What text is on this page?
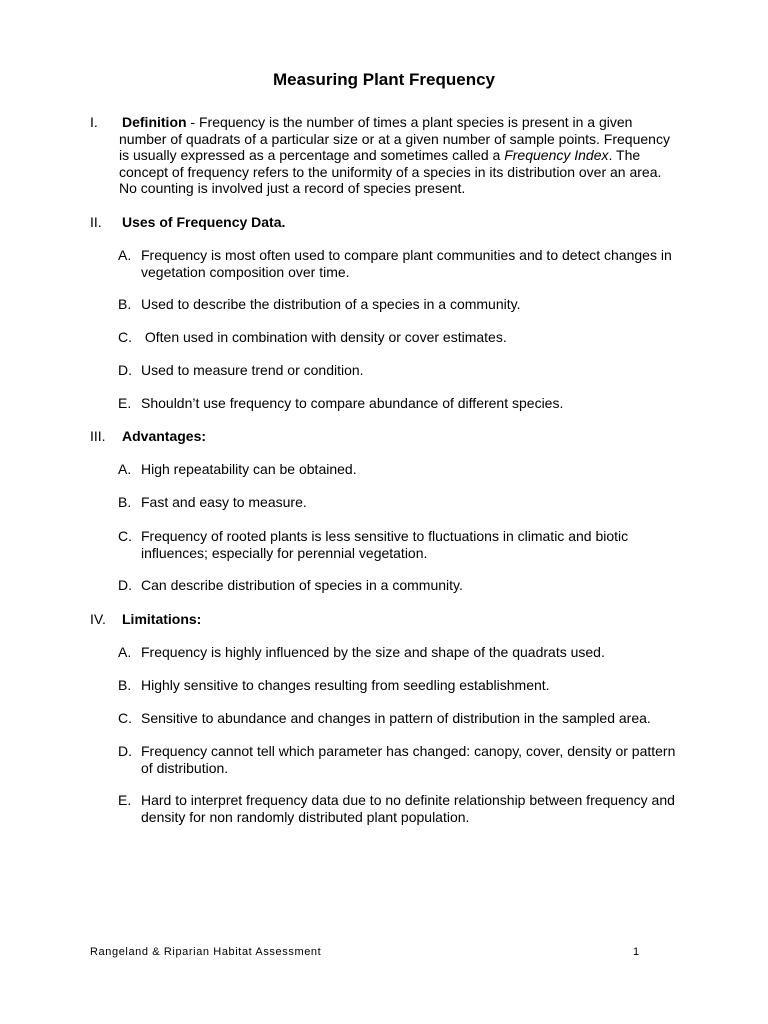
Measuring Plant Frequency
I.	Definition - Frequency is the number of times a plant species is present in a given
number of quadrats of a particular size or at a given number of sample points. Frequency
is usually expressed as a percentage and sometimes called a Frequency Index. The
concept of frequency refers to the uniformity of a species in its distribution over an area.
No counting is involved just a record of species present.
II. Uses of Frequency Data.
A. Frequency is most often used to compare plant communities and to detect changes in
vegetation composition over time.
B. Used to describe the distribution of a species in a community.
C. Often used in combination with density or cover estimates.
D. Used to measure trend or condition.
E. Shouldn’t use frequency to compare abundance of different species.
III. Advantages:
A. High repeatability can be obtained.
B. Fast and easy to measure.
C. Frequency of rooted plants is less sensitive to fluctuations in climatic and biotic
influences; especially for perennial vegetation.
D. Can describe distribution of species in a community.
IV. Limitations:
A. Frequency is highly influenced by the size and shape of the quadrats used.
B. Highly sensitive to changes resulting from seedling establishment.
C. Sensitive to abundance and changes in pattern of distribution in the sampled area.
D. Frequency cannot tell which parameter has changed: canopy, cover, density or pattern
of distribution.
E. Hard to interpret frequency data due to no definite relationship between frequency and
density for non randomly distributed plant population.
Rangeland & Riparian Habitat Assessment	1
